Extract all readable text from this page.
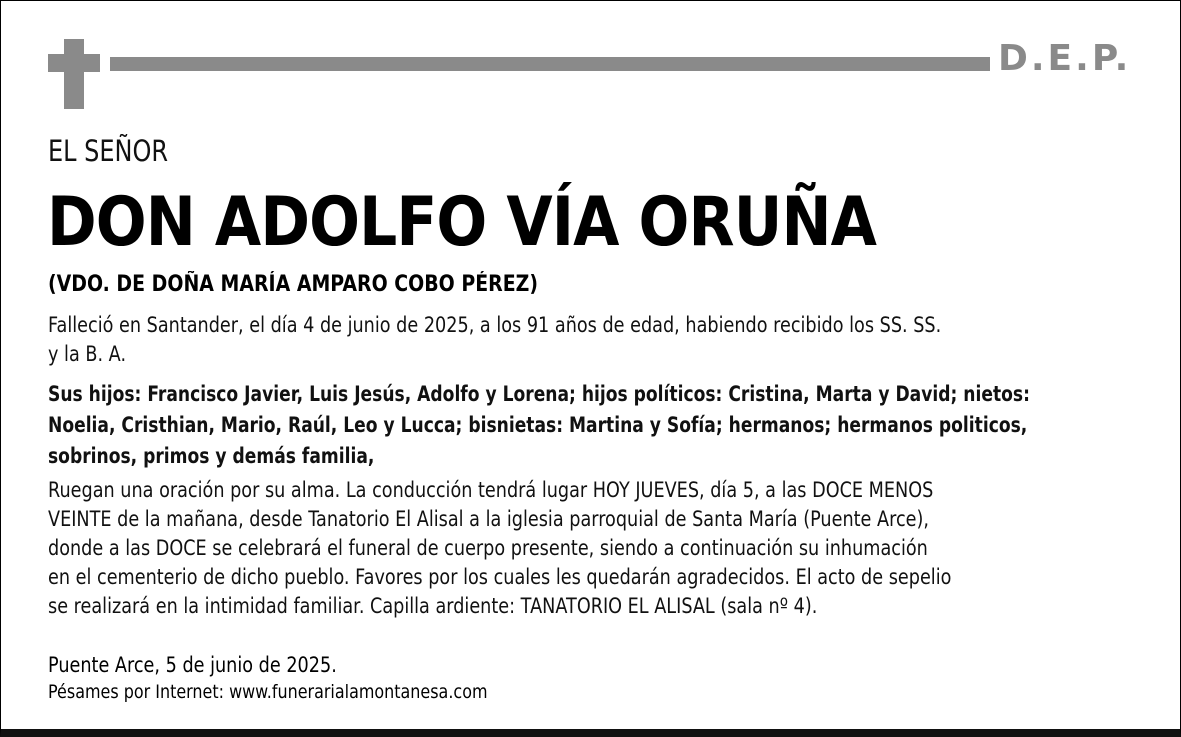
D.E.P.
EL SEÑOR
DON ADOLFO VÍA ORUÑA
(VDO. DE DOÑA MARÍA AMPARO COBO PÉREZ)
Falleció en Santander, el día 4 de junio de 2025, a los 91 años de edad, habiendo recibido los SS. SS.
y la B. A.
Sus hijos: Francisco Javier, Luis Jesús, Adolfo y Lorena; hijos políticos: Cristina, Marta y David; nietos:
Noelia, Cristhian, Mario, Raúl, Leo y Lucca; bisnietas: Martina y Sofía; hermanos; hermanos politicos,
sobrinos, primos y demás familia,
Ruegan una oración por su alma. La conducción tendrá lugar HOY JUEVES, día 5, a las DOCE MENOS
VEINTE de la mañana, desde Tanatorio El Alisal a la iglesia parroquial de Santa María (Puente Arce),
donde a las DOCE se celebrará el funeral de cuerpo presente, siendo a continuación su inhumación
en el cementerio de dicho pueblo. Favores por los cuales les quedarán agradecidos. El acto de sepelio
se realizará en la intimidad familiar. Capilla ardiente: TANATORIO EL ALISAL (sala nº 4).
Puente Arce, 5 de junio de 2025.
Pésames por Internet: www.funerarialamontanesa.com
